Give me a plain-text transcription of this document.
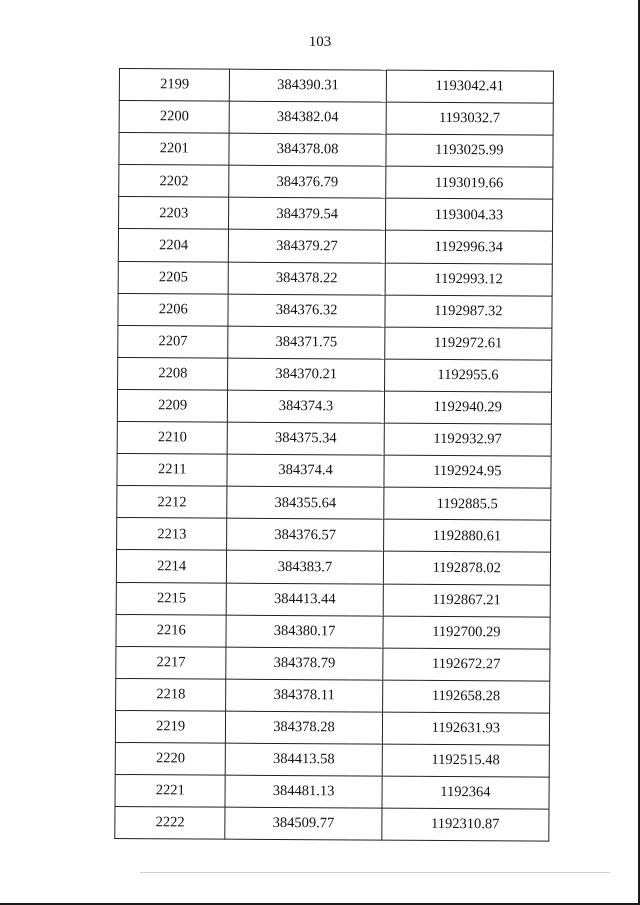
103
2199	384390.31	1193042.41
2200	384382.04	1193032.7
2201	384378.08	1193025.99
2202	384376.79	1193019.66
2203	384379.54	1193004.33
2204	384379.27	1192996.34
2205	384378.22	1192993.12
2206	384376.32	1192987.32
2207	384371.75	1192972.61
2208	384370.21	1192955.6
2209	384374.3	1192940.29
2210	384375.34	1192932.97
2211	384374.4	1192924.95
2212	384355.64	1192885.5
2213	384376.57	1192880.61
2214	384383.7	1192878.02
2215	384413.44	1192867.21
2216	384380.17	1192700.29
2217	384378.79	1192672.27
2218	384378.11	1192658.28
2219	384378.28	1192631.93
2220	384413.58	1192515.48
2221	384481.13	1192364
2222	384509.77	1192310.87
